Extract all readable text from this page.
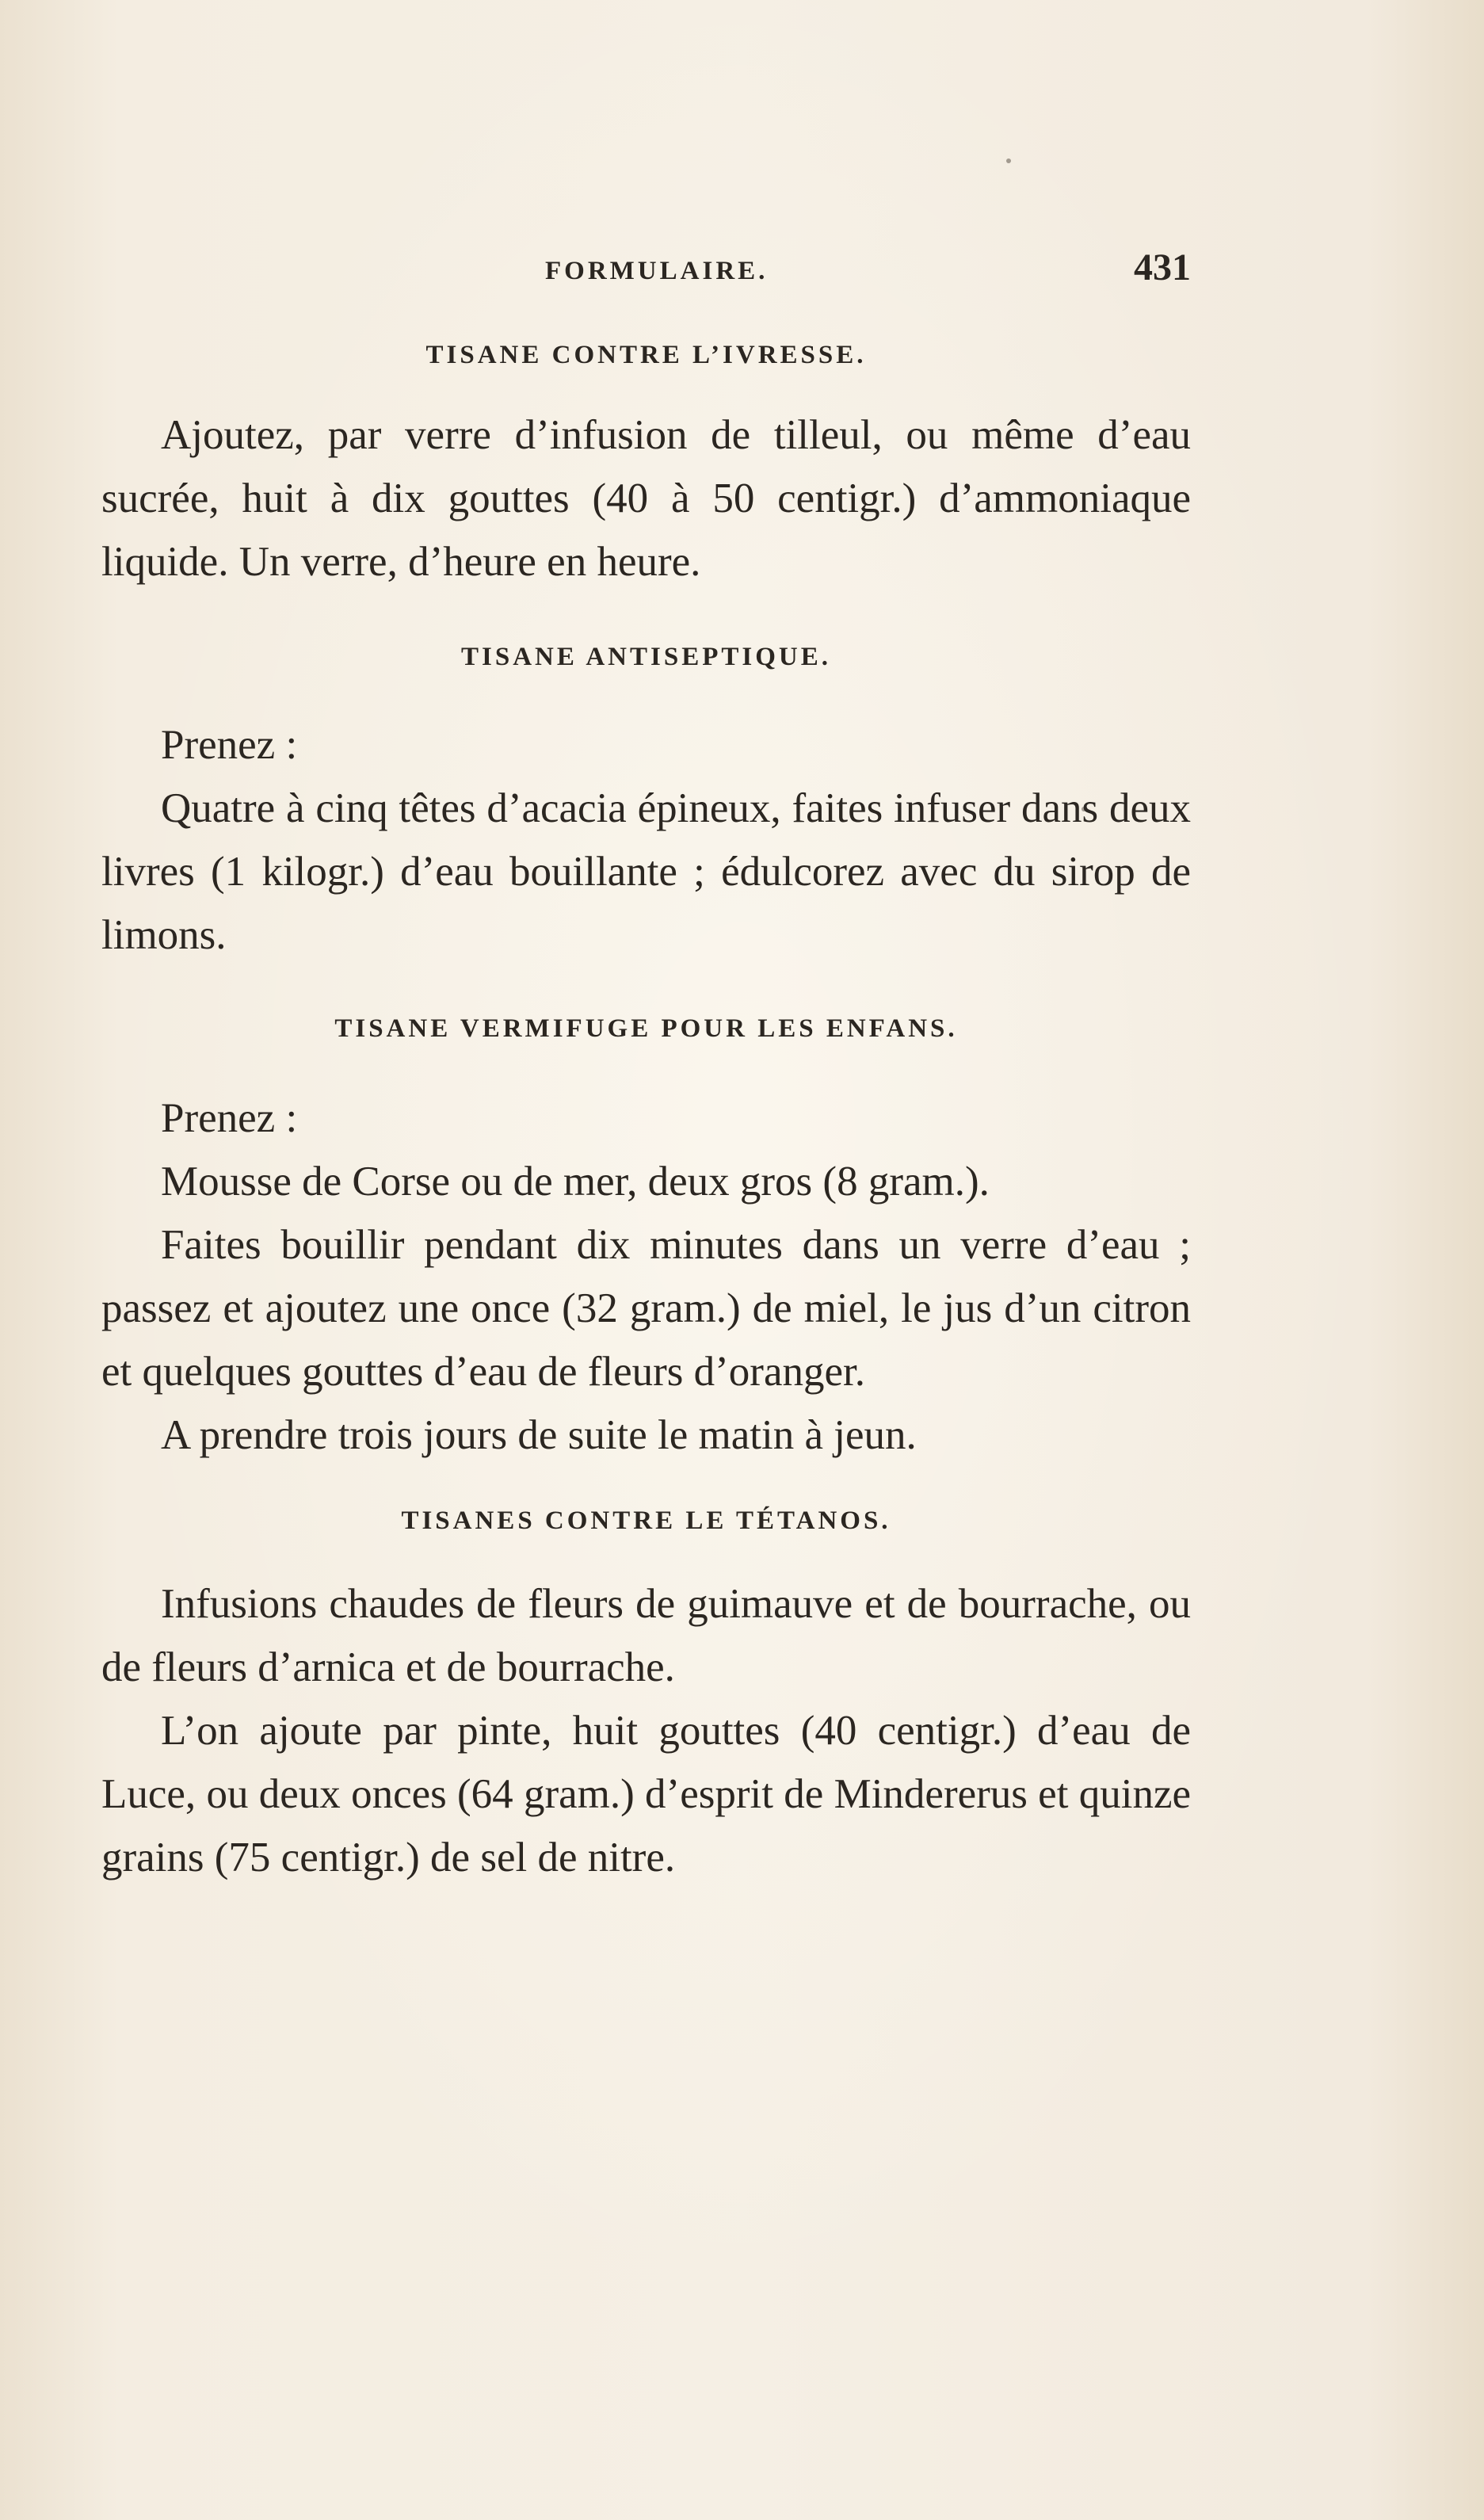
FORMULAIRE.	431
TISANE CONTRE L’IVRESSE.

Ajoutez, par verre d’infusion de tilleul, ou même d’eau sucrée, huit à dix gouttes (40 à 50 centigr.) d’ammoniaque liquide. Un verre, d’heure en heure.

TISANE ANTISEPTIQUE.

Prenez :

Quatre à cinq têtes d’acacia épineux, faites infuser dans deux livres (1 kilogr.) d’eau bouillante ; édulcorez avec du sirop de limons.

TISANE VERMIFUGE POUR LES ENFANS.

Prenez :

Mousse de Corse ou de mer, deux gros (8 gram.).

Faites bouillir pendant dix minutes dans un verre d’eau ; passez et ajoutez une once (32 gram.) de miel, le jus d’un citron et quelques gouttes d’eau de fleurs d’oranger.

A prendre trois jours de suite le matin à jeun.

TISANES CONTRE LE TÉTANOS.

Infusions chaudes de fleurs de guimauve et de bourrache, ou de fleurs d’arnica et de bourrache.

L’on ajoute par pinte, huit gouttes (40 centigr.) d’eau de Luce, ou deux onces (64 gram.) d’esprit de Mindererus et quinze grains (75 centigr.) de sel de nitre.
